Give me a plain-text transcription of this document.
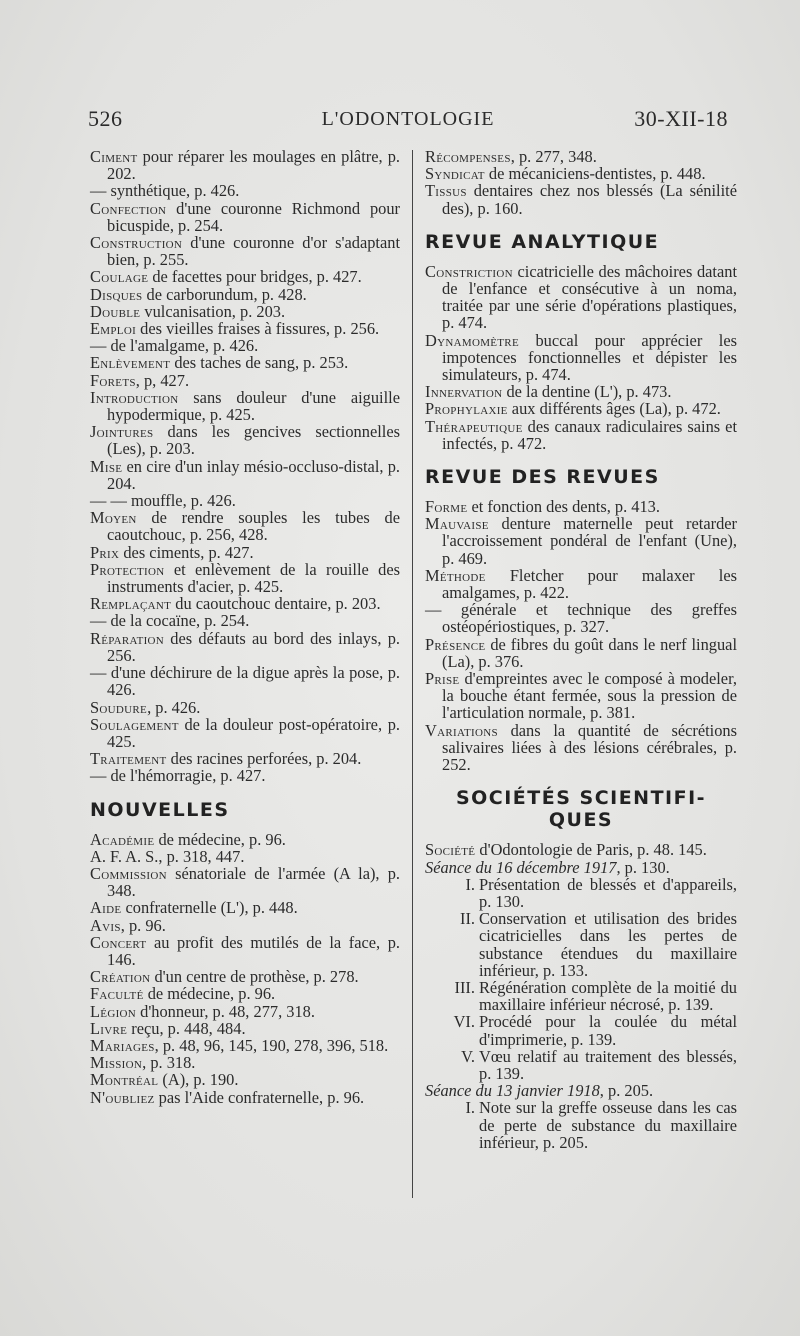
526	L'ODONTOLOGIE	30-XII-18

Ciment pour réparer les moulages en plâtre, p. 202.

— synthétique, p. 426.

Confection d'une couronne Richmond pour bicuspide, p. 254.

Construction d'une couronne d'or s'adaptant bien, p. 255.

Coulage de facettes pour bridges, p. 427.

Disques de carborundum, p. 428.

Double vulcanisation, p. 203.

Emploi des vieilles fraises à fissures, p. 256.

— de l'amalgame, p. 426.

Enlèvement des taches de sang, p. 253.

Forets, p, 427.

Introduction sans douleur d'une aiguille hypodermique, p. 425.

Jointures dans les gencives sectionnelles (Les), p. 203.

Mise en cire d'un inlay mésio-occluso-distal, p. 204.

— — mouffle, p. 426.

Moyen de rendre souples les tubes de caoutchouc, p. 256, 428.

Prix des ciments, p. 427.

Protection et enlèvement de la rouille des instruments d'acier, p. 425.

Remplaçant du caoutchouc dentaire, p. 203.

— de la cocaïne, p. 254.

Réparation des défauts au bord des inlays, p. 256.

— d'une déchirure de la digue après la pose, p. 426.

Soudure, p. 426.

Soulagement de la douleur post-opératoire, p. 425.

Traitement des racines perforées, p. 204.

— de l'hémorragie, p. 427.

NOUVELLES

Académie de médecine, p. 96.

A. F. A. S., p. 318, 447.

Commission sénatoriale de l'armée (A la), p. 348.

Aide confraternelle (L'), p. 448.

Avis, p. 96.

Concert au profit des mutilés de la face, p. 146.

Création d'un centre de prothèse, p. 278.

Faculté de médecine, p. 96.

Légion d'honneur, p. 48, 277, 318.

Livre reçu, p. 448, 484.

Mariages, p. 48, 96, 145, 190, 278, 396, 518.

Mission, p. 318.

Montréal (A), p. 190.

N'oubliez pas l'Aide confraternelle, p. 96.

Récompenses, p. 277, 348.

Syndicat de mécaniciens-dentistes, p. 448.

Tissus dentaires chez nos blessés (La sénilité des), p. 160.

REVUE ANALYTIQUE

Constriction cicatricielle des mâchoires datant de l'enfance et consécutive à un noma, traitée par une série d'opérations plastiques, p. 474.

Dynamomètre buccal pour apprécier les impotences fonctionnelles et dépister les simulateurs, p. 474.

Innervation de la dentine (L'), p. 473.

Prophylaxie aux différents âges (La), p. 472.

Thérapeutique des canaux radiculaires sains et infectés, p. 472.

REVUE DES REVUES

Forme et fonction des dents, p. 413.

Mauvaise denture maternelle peut retarder l'accroissement pondéral de l'enfant (Une), p. 469.

Méthode Fletcher pour malaxer les amalgames, p. 422.

— générale et technique des greffes ostéopériostiques, p. 327.

Présence de fibres du goût dans le nerf lingual (La), p. 376.

Prise d'empreintes avec le composé à modeler, la bouche étant fermée, sous la pression de l'articulation normale, p. 381.

Variations dans la quantité de sécrétions salivaires liées à des lésions cérébrales, p. 252.

SOCIÉTÉS SCIENTIFI-
QUES

Société d'Odontologie de Paris, p. 48. 145.

Séance du 16 décembre 1917, p. 130.

I.Présentation de blessés et d'appareils, p. 130.

II.Conservation et utilisation des brides cicatricielles dans les pertes de substance étendues du maxillaire inférieur, p. 133.

III.Régénération complète de la moitié du maxillaire inférieur nécrosé, p. 139.

VI.Procédé pour la coulée du métal d'imprimerie, p. 139.

V.Vœu relatif au traitement des blessés, p. 139.

Séance du 13 janvier 1918, p. 205.

I.Note sur la greffe osseuse dans les cas de perte de substance du maxillaire inférieur, p. 205.
